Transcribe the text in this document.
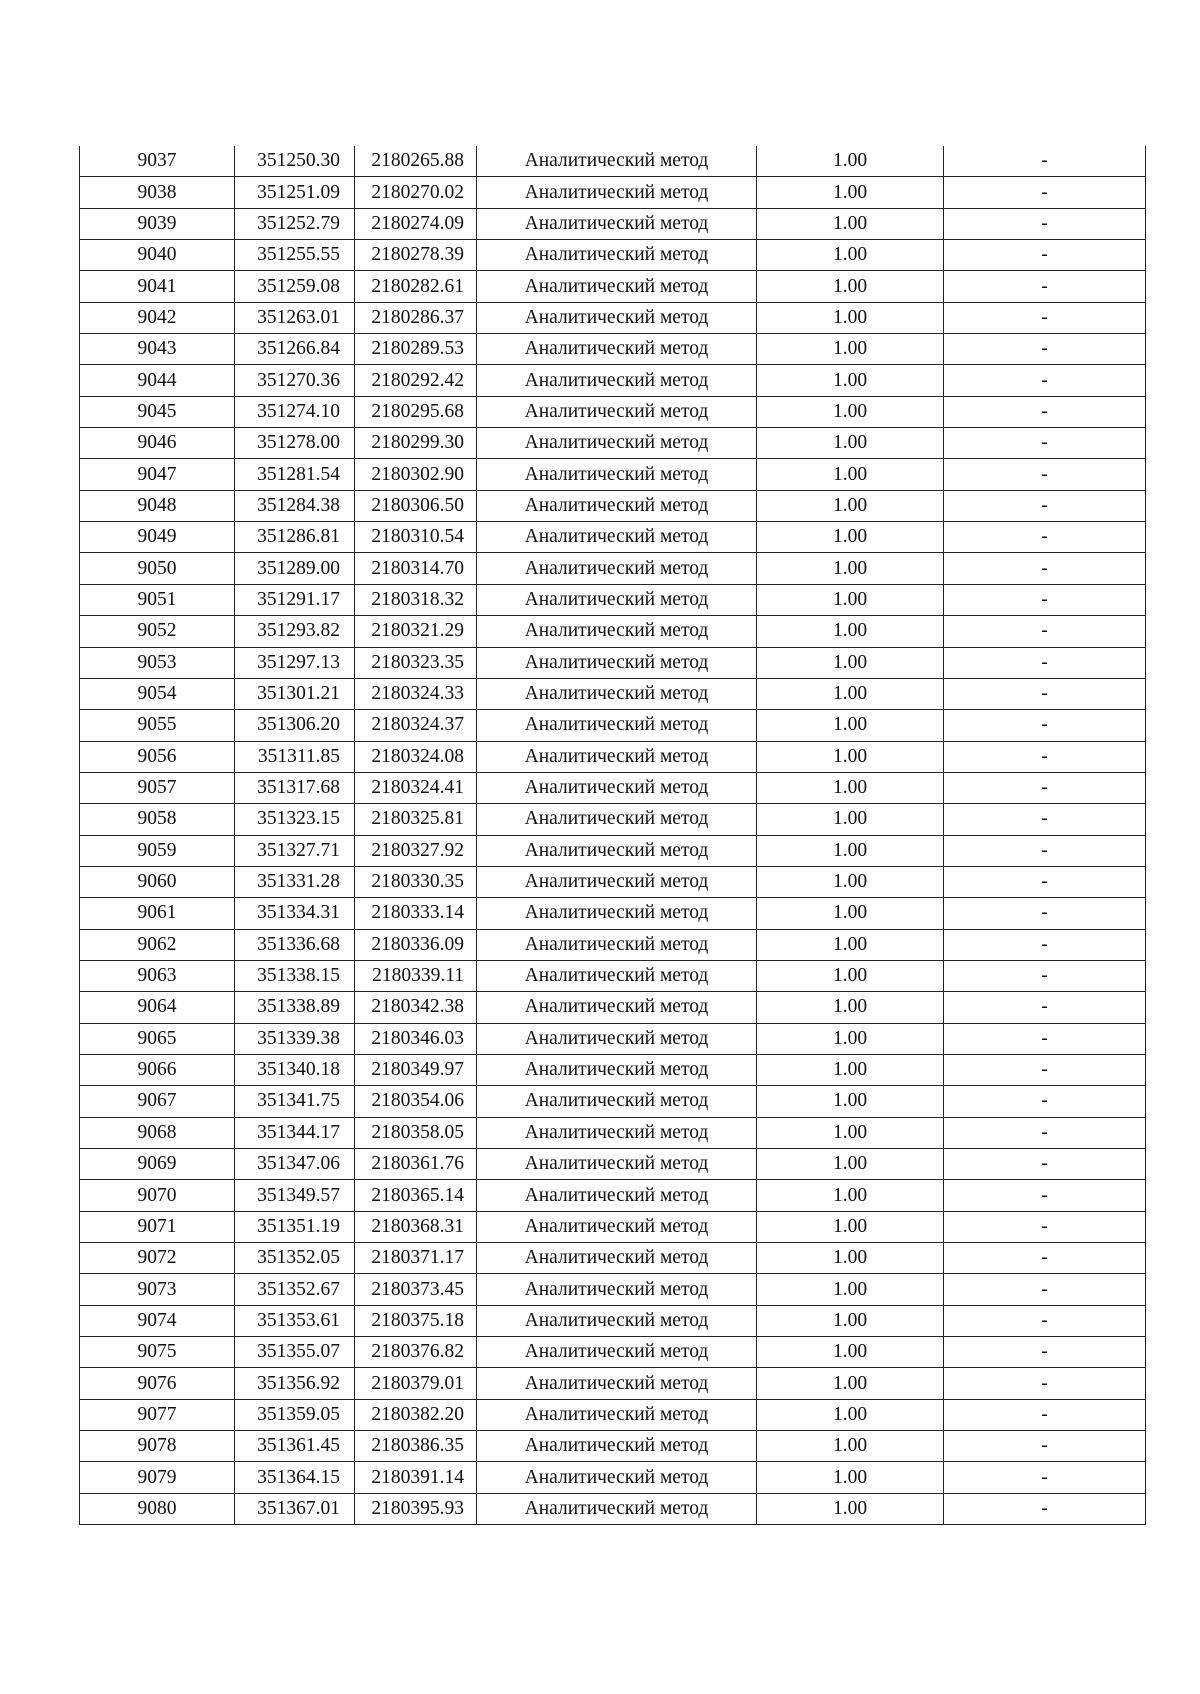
9037	351250.30	2180265.88	Аналитический метод	1.00	-
9038	351251.09	2180270.02	Аналитический метод	1.00	-
9039	351252.79	2180274.09	Аналитический метод	1.00	-
9040	351255.55	2180278.39	Аналитический метод	1.00	-
9041	351259.08	2180282.61	Аналитический метод	1.00	-
9042	351263.01	2180286.37	Аналитический метод	1.00	-
9043	351266.84	2180289.53	Аналитический метод	1.00	-
9044	351270.36	2180292.42	Аналитический метод	1.00	-
9045	351274.10	2180295.68	Аналитический метод	1.00	-
9046	351278.00	2180299.30	Аналитический метод	1.00	-
9047	351281.54	2180302.90	Аналитический метод	1.00	-
9048	351284.38	2180306.50	Аналитический метод	1.00	-
9049	351286.81	2180310.54	Аналитический метод	1.00	-
9050	351289.00	2180314.70	Аналитический метод	1.00	-
9051	351291.17	2180318.32	Аналитический метод	1.00	-
9052	351293.82	2180321.29	Аналитический метод	1.00	-
9053	351297.13	2180323.35	Аналитический метод	1.00	-
9054	351301.21	2180324.33	Аналитический метод	1.00	-
9055	351306.20	2180324.37	Аналитический метод	1.00	-
9056	351311.85	2180324.08	Аналитический метод	1.00	-
9057	351317.68	2180324.41	Аналитический метод	1.00	-
9058	351323.15	2180325.81	Аналитический метод	1.00	-
9059	351327.71	2180327.92	Аналитический метод	1.00	-
9060	351331.28	2180330.35	Аналитический метод	1.00	-
9061	351334.31	2180333.14	Аналитический метод	1.00	-
9062	351336.68	2180336.09	Аналитический метод	1.00	-
9063	351338.15	2180339.11	Аналитический метод	1.00	-
9064	351338.89	2180342.38	Аналитический метод	1.00	-
9065	351339.38	2180346.03	Аналитический метод	1.00	-
9066	351340.18	2180349.97	Аналитический метод	1.00	-
9067	351341.75	2180354.06	Аналитический метод	1.00	-
9068	351344.17	2180358.05	Аналитический метод	1.00	-
9069	351347.06	2180361.76	Аналитический метод	1.00	-
9070	351349.57	2180365.14	Аналитический метод	1.00	-
9071	351351.19	2180368.31	Аналитический метод	1.00	-
9072	351352.05	2180371.17	Аналитический метод	1.00	-
9073	351352.67	2180373.45	Аналитический метод	1.00	-
9074	351353.61	2180375.18	Аналитический метод	1.00	-
9075	351355.07	2180376.82	Аналитический метод	1.00	-
9076	351356.92	2180379.01	Аналитический метод	1.00	-
9077	351359.05	2180382.20	Аналитический метод	1.00	-
9078	351361.45	2180386.35	Аналитический метод	1.00	-
9079	351364.15	2180391.14	Аналитический метод	1.00	-
9080	351367.01	2180395.93	Аналитический метод	1.00	-
